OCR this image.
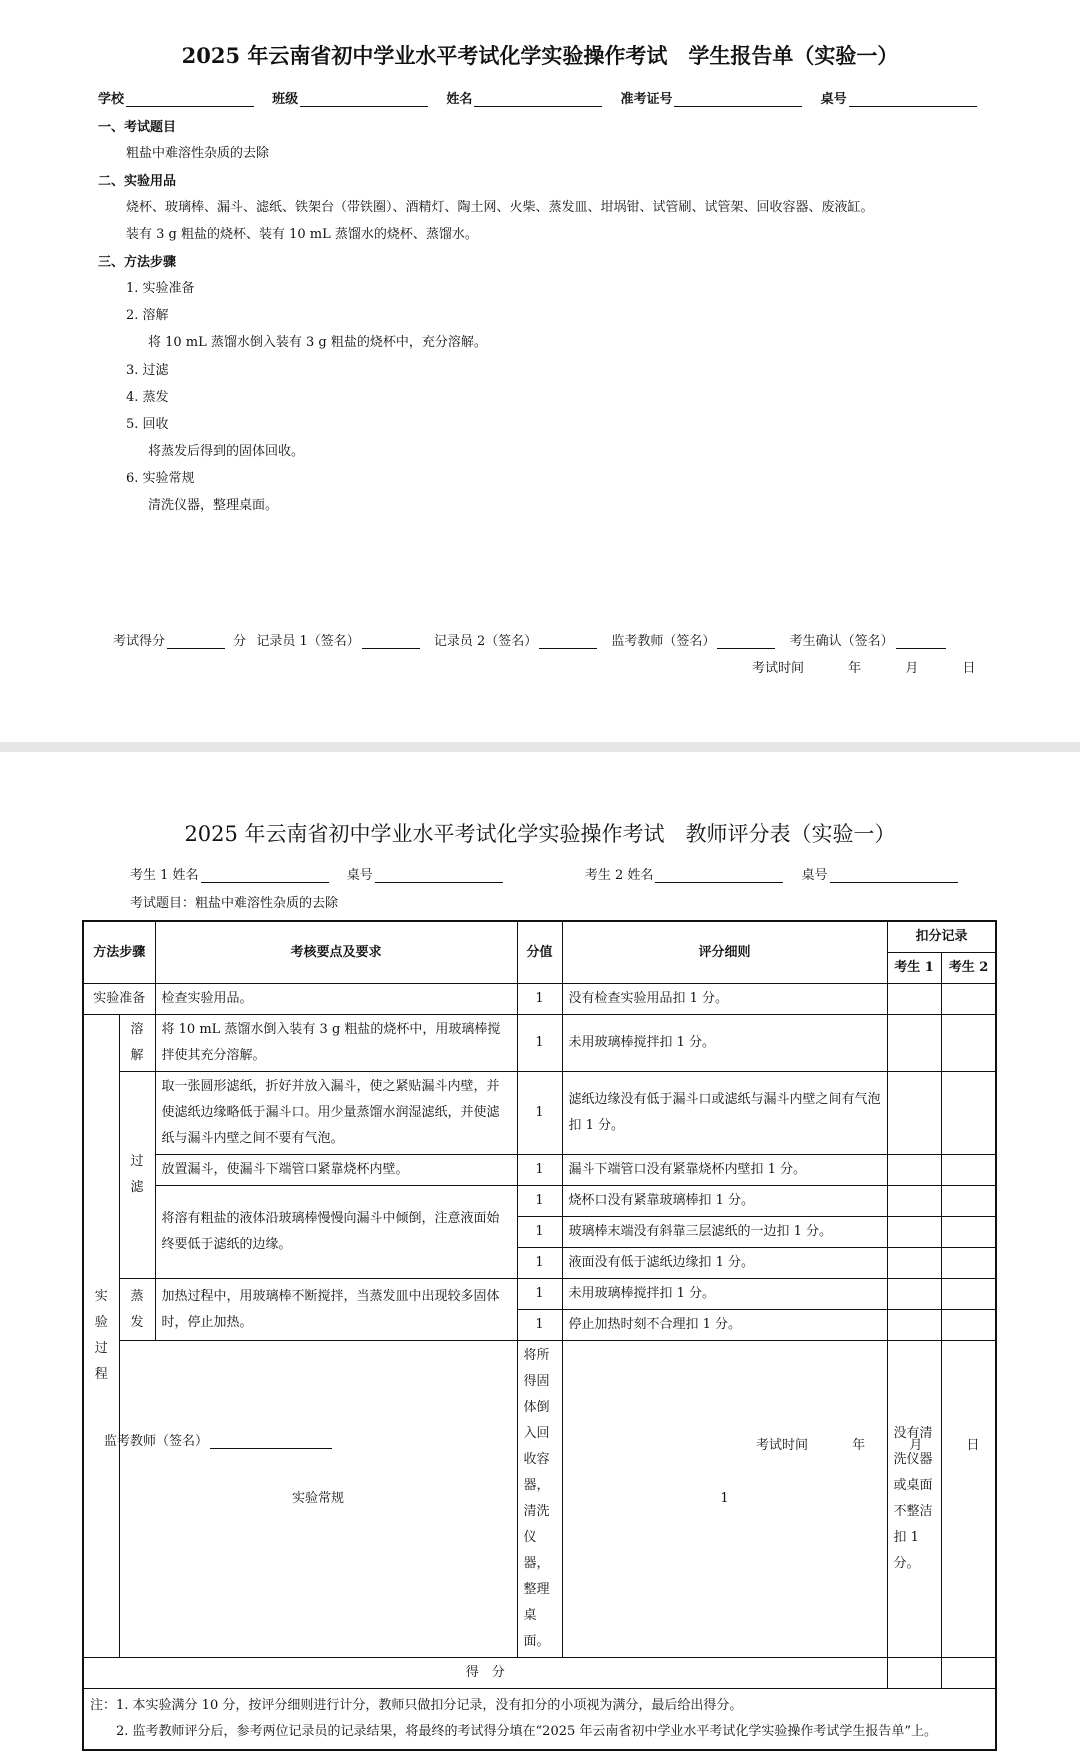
2025 年云南省初中学业水平考试化学实验操作考试　学生报告单（实验一）
学校	班级	姓名	准考证号	桌号
一、考试题目
粗盐中难溶性杂质的去除
二、实验用品
烧杯、玻璃棒、漏斗、滤纸、铁架台（带铁圈）、酒精灯、陶土网、火柴、蒸发皿、坩埚钳、试管刷、试管架、回收容器、废液缸。
装有 3 g 粗盐的烧杯、装有 10 mL 蒸馏水的烧杯、蒸馏水。
三、方法步骤
1. 实验准备
2. 溶解
将 10 mL 蒸馏水倒入装有 3 g 粗盐的烧杯中，充分溶解。
3. 过滤
4. 蒸发
5. 回收
将蒸发后得到的固体回收。
6. 实验常规
清洗仪器，整理桌面。
考试得分	分 记录员 1（签名）	记录员 2（签名）	监考教师（签名）	考生确认（签名）
考试时间	年	月	日
2025 年云南省初中学业水平考试化学实验操作考试　教师评分表（实验一）
考生 1 姓名	桌号	考生 2 姓名	桌号
考试题目：粗盐中难溶性杂质的去除
方法步骤		考核要点及要求	分值	评分细则	扣分记录		
					考生 1	考生 2	
实验准备		检查实验用品。	1	没有检查实验用品扣 1 分。			
实验过程	溶解	将 10 mL 蒸馏水倒入装有 3 g 粗盐的烧杯中，用玻璃棒搅拌使其充分溶解。	1	未用玻璃棒搅拌扣 1 分。			
	过滤	取一张圆形滤纸，折好并放入漏斗，使之紧贴漏斗内壁，并使滤纸边缘略低于漏斗口。用少量蒸馏水润湿滤纸，并使滤纸与漏斗内壁之间不要有气泡。	1	滤纸边缘没有低于漏斗口或滤纸与漏斗内壁之间有气泡扣 1 分。			
		放置漏斗，使漏斗下端管口紧靠烧杯内壁。	1	漏斗下端管口没有紧靠烧杯内壁扣 1 分。			
		将溶有粗盐的液体沿玻璃棒慢慢向漏斗中倾倒，注意液面始终要低于滤纸的边缘。	1	烧杯口没有紧靠玻璃棒扣 1 分。			
			1	玻璃棒末端没有斜靠三层滤纸的一边扣 1 分。			
			1	液面没有低于滤纸边缘扣 1 分。			
	蒸发	加热过程中，用玻璃棒不断搅拌，当蒸发皿中出现较多固体时，停止加热。	1	未用玻璃棒搅拌扣 1 分。			
			1	停止加热时刻不合理扣 1 分。			
	实验常规		将所得固体倒入回收容器，清洗仪器，整理桌面。	1	没有清洗仪器或桌面不整洁扣 1 分。		
得　分							

注：1. 本实验满分 10 分，按评分细则进行计分，教师只做扣分记录，没有扣分的小项视为满分，最后给出得分。
2. 监考教师评分后，参考两位记录员的记录结果，将最终的考试得分填在“2025 年云南省初中学业水平考试化学实验操作考试学生报告单”上。							
监考教师（签名）	考试时间	年	月	日
